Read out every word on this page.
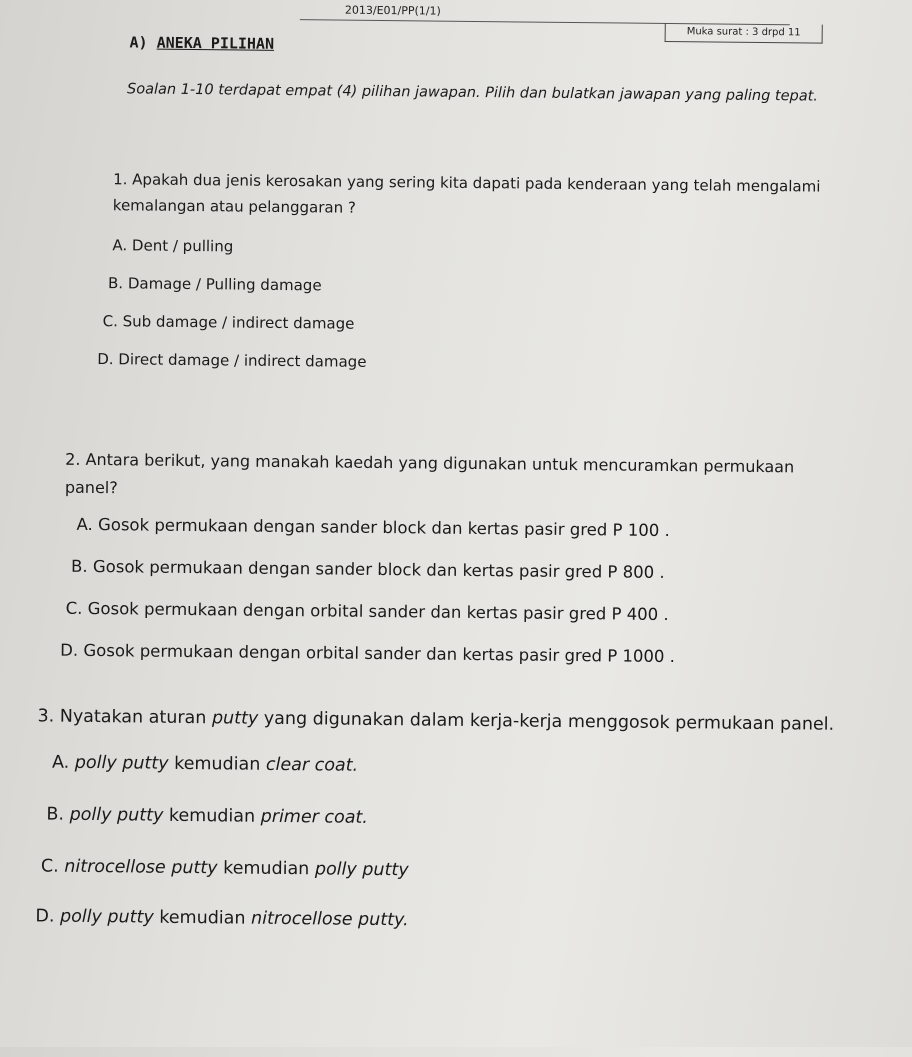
2013/E01/PP(1/1)
Muka surat : 3 drpd 11
A) ANEKA PILIHAN
Soalan 1-10 terdapat empat (4) pilihan jawapan. Pilih dan bulatkan jawapan yang paling tepat.
1. Apakah dua jenis kerosakan yang sering kita dapati pada kenderaan yang telah mengalami kemalangan atau pelanggaran ?
A. Dent / pulling
B. Damage / Pulling damage
C. Sub damage / indirect damage
D. Direct damage / indirect damage
2. Antara berikut, yang manakah kaedah yang digunakan untuk mencuramkan permukaan panel?
A. Gosok permukaan dengan sander block dan kertas pasir gred P 100 .
B. Gosok permukaan dengan sander block dan kertas pasir gred P 800 .
C. Gosok permukaan dengan orbital sander dan kertas pasir gred P 400 .
D. Gosok permukaan dengan orbital sander dan kertas pasir gred P 1000 .
3. Nyatakan aturan putty yang digunakan dalam kerja-kerja menggosok permukaan panel.
A. polly putty kemudian clear coat.
B. polly putty kemudian primer coat.
C. nitrocellose putty kemudian polly putty
D. polly putty kemudian nitrocellose putty.
